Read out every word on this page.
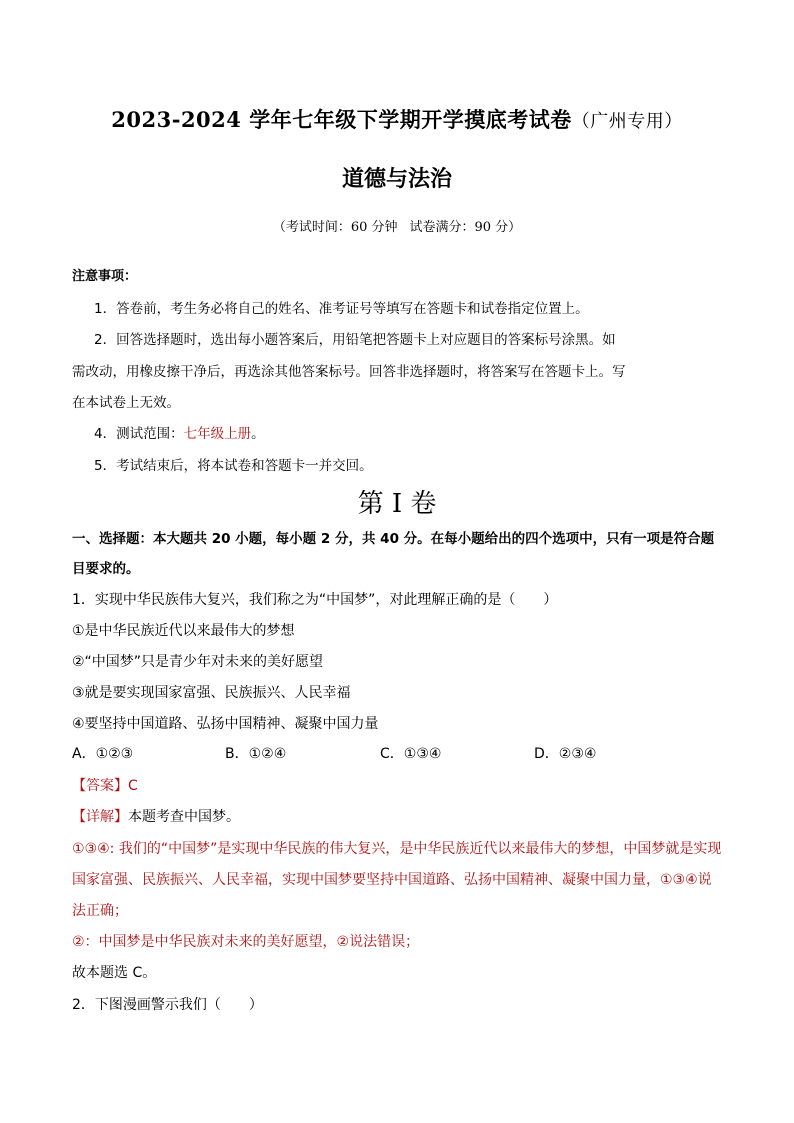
2023-2024 学年七年级下学期开学摸底考试卷（广州专用）
道德与法治
（考试时间：60 分钟 试卷满分：90 分）
注意事项：
1．答卷前，考生务必将自己的姓名、准考证号等填写在答题卡和试卷指定位置上。
2．回答选择题时，选出每小题答案后，用铅笔把答题卡上对应题目的答案标号涂黑。如
需改动，用橡皮擦干净后，再选涂其他答案标号。回答非选择题时，将答案写在答题卡上。写
在本试卷上无效。
4．测试范围：七年级上册。
5．考试结束后，将本试卷和答题卡一并交回。
第 I 卷
一、选择题：本大题共 20 小题，每小题 2 分，共 40 分。在每小题给出的四个选项中，只有一项是符合题
目要求的。
1．实现中华民族伟大复兴，我们称之为“中国梦”，对此理解正确的是（　　）
①是中华民族近代以来最伟大的梦想
②“中国梦”只是青少年对未来的美好愿望
③就是要实现国家富强、民族振兴、人民幸福
④要坚持中国道路、弘扬中国精神、凝聚中国力量
A．①②③	B．①②④	C．①③④	D．②③④
【答案】C
【详解】本题考查中国梦。
①③④: 我们的“中国梦”是实现中华民族的伟大复兴，是中华民族近代以来最伟大的梦想，中国梦就是实现
国家富强、民族振兴、人民幸福，实现中国梦要坚持中国道路、弘扬中国精神、凝聚中国力量，①③④说
法正确；
②：中国梦是中华民族对未来的美好愿望，②说法错误；
故本题选 C。
2．下图漫画警示我们（　　）
